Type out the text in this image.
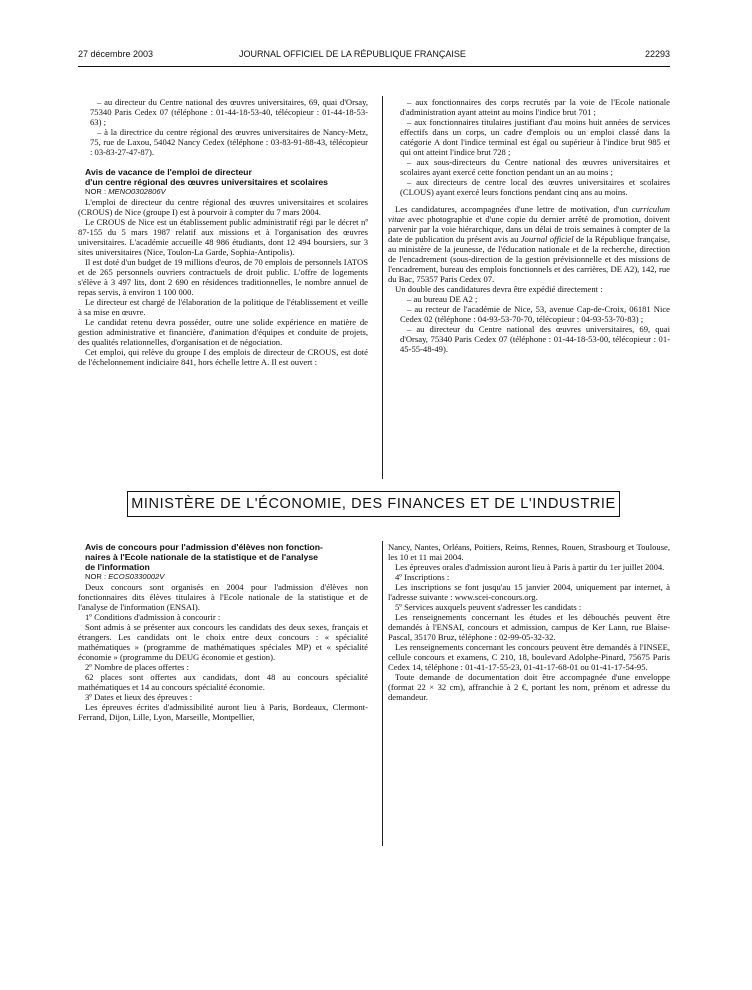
27 décembre 2003	JOURNAL OFFICIEL DE LA RÉPUBLIQUE FRANÇAISE	22293

– au directeur du Centre national des œuvres universitaires, 69, quai d'Orsay, 75340 Paris Cedex 07 (téléphone : 01-44-18-53-40, télécopieur : 01-44-18-53-63) ;

– à la directrice du centre régional des œuvres universitaires de Nancy-Metz, 75, rue de Laxou, 54042 Nancy Cedex (téléphone : 03-83-91-88-43, télécopieur : 03-83-27-47-87).

Avis de vacance de l'emploi de directeur

d'un centre régional des œuvres universitaires et scolaires

NOR : MENO0302806V

L'emploi de directeur du centre régional des œuvres universitaires et scolaires (CROUS) de Nice (groupe I) est à pourvoir à compter du 7 mars 2004.

Le CROUS de Nice est un établissement public administratif régi par le décret nº 87-155 du 5 mars 1987 relatif aux missions et à l'organisation des œuvres universitaires. L'académie accueille 48 986 étudiants, dont 12 494 boursiers, sur 3 sites universitaires (Nice, Toulon-La Garde, Sophia-Antipolis).

Il est doté d'un budget de 19 millions d'euros, de 70 emplois de personnels IATOS et de 265 personnels ouvriers contractuels de droit public. L'offre de logements s'élève à 3 497 lits, dont 2 690 en résidences traditionnelles, le nombre annuel de repas servis, à environ 1 100 000.

Le directeur est chargé de l'élaboration de la politique de l'établissement et veille à sa mise en œuvre.

Le candidat retenu devra posséder, outre une solide expérience en matière de gestion administrative et financière, d'animation d'équipes et conduite de projets, des qualités relationnelles, d'organisation et de négociation.

Cet emploi, qui relève du groupe I des emplois de directeur de CROUS, est doté de l'échelonnement indiciaire 841, hors échelle lettre A. Il est ouvert :

– aux fonctionnaires des corps recrutés par la voie de l'Ecole nationale d'administration ayant atteint au moins l'indice brut 701 ;

– aux fonctionnaires titulaires justifiant d'au moins huit années de services effectifs dans un corps, un cadre d'emplois ou un emploi classé dans la catégorie A dont l'indice terminal est égal ou supérieur à l'indice brut 985 et qui ont atteint l'indice brut 728 ;

– aux sous-directeurs du Centre national des œuvres universitaires et scolaires ayant exercé cette fonction pendant un an au moins ;

– aux directeurs de centre local des œuvres universitaires et scolaires (CLOUS) ayant exercé leurs fonctions pendant cinq ans au moins.

Les candidatures, accompagnées d'une lettre de motivation, d'un curriculum vitae avec photographie et d'une copie du dernier arrêté de promotion, doivent parvenir par la voie hiérarchique, dans un délai de trois semaines à compter de la date de publication du présent avis au Journal officiel de la République française, au ministère de la jeunesse, de l'éducation nationale et de la recherche, direction de l'encadrement (sous-direction de la gestion prévisionnelle et des missions de l'encadrement, bureau des emplois fonctionnels et des carrières, DE A2), 142, rue du Bac, 75357 Paris Cedex 07.

Un double des candidatures devra être expédié directement :

– au bureau DE A2 ;

– au recteur de l'académie de Nice, 53, avenue Cap-de-Croix, 06181 Nice Cedex 02 (téléphone : 04-93-53-70-70, télécopieur : 04-93-53-70-83) ;

– au directeur du Centre national des œuvres universitaires, 69, quai d'Orsay, 75340 Paris Cedex 07 (téléphone : 01-44-18-53-00, télécopieur : 01-45-55-48-49).

MINISTÈRE DE L'ÉCONOMIE, DES FINANCES ET DE L'INDUSTRIE

Avis de concours pour l'admission d'élèves non fonction-

naires à l'Ecole nationale de la statistique et de l'analyse

de l'information

NOR : ECOS0330002V

Deux concours sont organisés en 2004 pour l'admission d'élèves non fonctionnaires dits élèves titulaires à l'Ecole nationale de la statistique et de l'analyse de l'information (ENSAI).

1º Conditions d'admission à concourir :

Sont admis à se présenter aux concours les candidats des deux sexes, français et étrangers. Les candidats ont le choix entre deux concours : « spécialité mathématiques » (programme de mathématiques spéciales MP) et « spécialité économie » (programme du DEUG économie et gestion).

2º Nombre de places offertes :

62 places sont offertes aux candidats, dont 48 au concours spécialité mathématiques et 14 au concours spécialité économie.

3º Dates et lieux des épreuves :

Les épreuves écrites d'admissibilité auront lieu à Paris, Bordeaux, Clermont-Ferrand, Dijon, Lille, Lyon, Marseille, Montpellier,

Nancy, Nantes, Orléans, Poitiers, Reims, Rennes, Rouen, Strasbourg et Toulouse, les 10 et 11 mai 2004.

Les épreuves orales d'admission auront lieu à Paris à partir du 1er juillet 2004.

4º Inscriptions :

Les inscriptions se font jusqu'au 15 janvier 2004, uniquement par internet, à l'adresse suivante : www.scei-concours.org.

5º Services auxquels peuvent s'adresser les candidats :

Les renseignements concernant les études et les débouchés peuvent être demandés à l'ENSAI, concours et admission, campus de Ker Lann, rue Blaise-Pascal, 35170 Bruz, téléphone : 02-99-05-32-32.

Les renseignements concernant les concours peuvent être demandés à l'INSEE, cellule concours et examens, C 210, 18, boulevard Adolphe-Pinard, 75675 Paris Cedex 14, téléphone : 01-41-17-55-23, 01-41-17-68-01 ou 01-41-17-54-95.

Toute demande de documentation doit être accompagnée d'une enveloppe (format 22 × 32 cm), affranchie à 2 €, portant les nom, prénom et adresse du demandeur.
